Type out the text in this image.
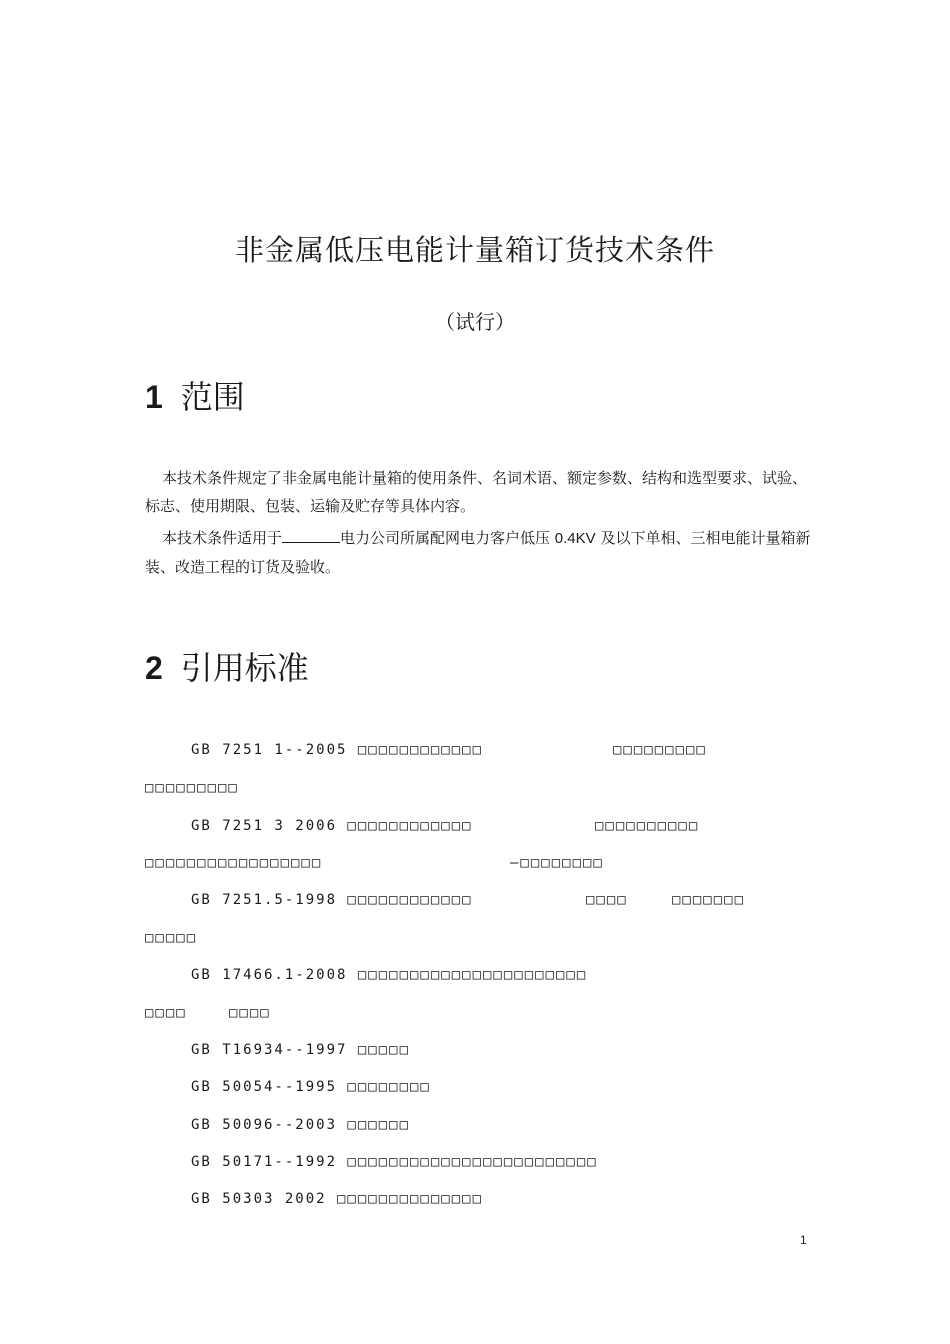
非金属低压电能计量箱订货技术条件
（试行）
1 范围
本技术条件规定了非金属电能计量箱的使用条件、名词术语、额定参数、结构和选型要求、试验、标志、使用期限、包装、运输及贮存等具体内容。
本技术条件适用于	电力公司所属配网电力客户低压 0.4KV 及以下单相、三相电能计量箱新装、改造工程的订货及验收。
2 引用标准
GB 7251 1--2005 □□□□□□□□□□□□	□□□□□□□□□
□□□□□□□□□
GB 7251 3 2006 □□□□□□□□□□□□	□□□□□□□□□□
□□□□□□□□□□□□□□□□□	—□□□□□□□□
GB 7251.5-1998 □□□□□□□□□□□□	□□□□	□□□□□□□
□□□□□
GB 17466.1-2008 □□□□□□□□□□□□□□□□□□□□□□
□□□□	□□□□
GB T16934--1997 □□□□□
GB 50054--1995 □□□□□□□□
GB 50096--2003 □□□□□□
GB 50171--1992 □□□□□□□□□□□□□□□□□□□□□□□□
GB 50303 2002 □□□□□□□□□□□□□□
1
